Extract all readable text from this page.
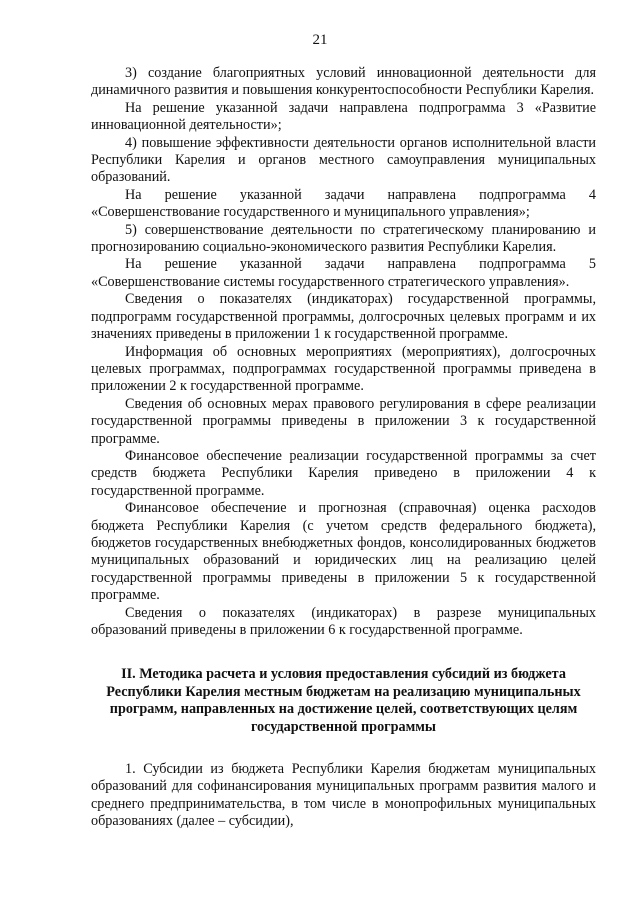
21

3) создание благоприятных условий инновационной деятельности для динамичного развития и повышения конкурентоспособности Республики Карелия.

На решение указанной задачи направлена подпрограмма 3 «Развитие инновационной деятельности»;

4) повышение эффективности деятельности органов исполнительной власти Республики Карелия и органов местного самоуправления муниципальных образований.

На решение указанной задачи направлена подпрограмма 4 «Совершенствование государственного и муниципального управления»;

5) совершенствование деятельности по стратегическому планированию и прогнозированию социально-экономического развития Республики Карелия.

На решение указанной задачи направлена подпрограмма 5 «Совершенствование системы государственного стратегического управления».

Сведения о показателях (индикаторах) государственной программы, подпрограмм государственной программы, долгосрочных целевых программ и их значениях приведены в приложении 1 к государственной программе.

Информация об основных мероприятиях (мероприятиях), долгосрочных целевых программах, подпрограммах государственной программы приведена в приложении 2 к государственной программе.

Сведения об основных мерах правового регулирования в сфере реализации государственной программы приведены в приложении 3 к государственной программе.

Финансовое обеспечение реализации государственной программы за счет средств бюджета Республики Карелия приведено в приложении 4 к государственной программе.

Финансовое обеспечение и прогнозная (справочная) оценка расходов бюджета Республики Карелия (с учетом средств федерального бюджета), бюджетов государственных внебюджетных фондов, консолидированных бюджетов муниципальных образований и юридических лиц на реализацию целей государственной программы приведены в приложении 5 к государственной программе.

Сведения о показателях (индикаторах) в разрезе муниципальных образований приведены в приложении 6 к государственной программе.

II. Методика расчета и условия предоставления субсидий из бюджета Республики Карелия местным бюджетам на реализацию муниципальных программ, направленных на достижение целей, соответствующих целям государственной программы

1. Субсидии из бюджета Республики Карелия бюджетам муниципальных образований для софинансирования муниципальных программ развития малого и среднего предпринимательства, в том числе в монопрофильных муниципальных образованиях (далее – субсидии),
